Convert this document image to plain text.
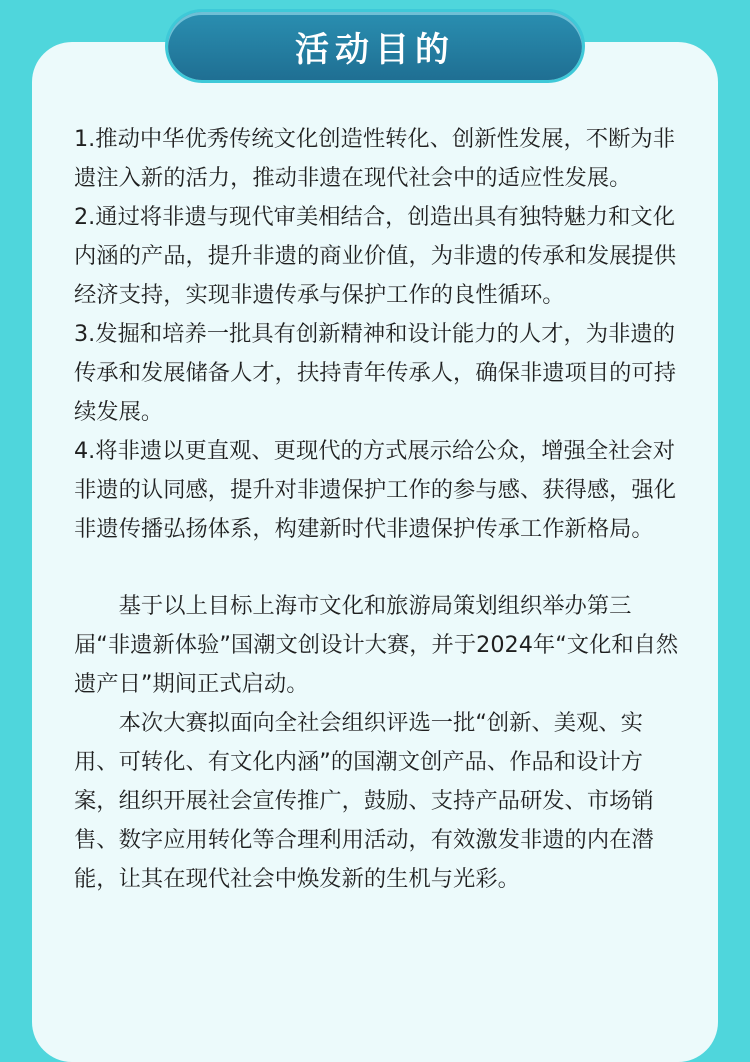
活动目的

1.推动中华优秀传统文化创造性转化、创新性发展，不断为非遗注入新的活力，推动非遗在现代社会中的适应性发展。

2.通过将非遗与现代审美相结合，创造出具有独特魅力和文化内涵的产品，提升非遗的商业价值，为非遗的传承和发展提供经济支持，实现非遗传承与保护工作的良性循环。

3.发掘和培养一批具有创新精神和设计能力的人才，为非遗的传承和发展储备人才，扶持青年传承人，确保非遗项目的可持续发展。

4.将非遗以更直观、更现代的方式展示给公众，增强全社会对非遗的认同感，提升对非遗保护工作的参与感、获得感，强化非遗传播弘扬体系，构建新时代非遗保护传承工作新格局。

基于以上目标上海市文化和旅游局策划组织举办第三届“非遗新体验”国潮文创设计大赛，并于2024年“文化和自然遗产日”期间正式启动。

本次大赛拟面向全社会组织评选一批“创新、美观、实用、可转化、有文化内涵”的国潮文创产品、作品和设计方案，组织开展社会宣传推广，鼓励、支持产品研发、市场销售、数字应用转化等合理利用活动，有效激发非遗的内在潜能，让其在现代社会中焕发新的生机与光彩。
